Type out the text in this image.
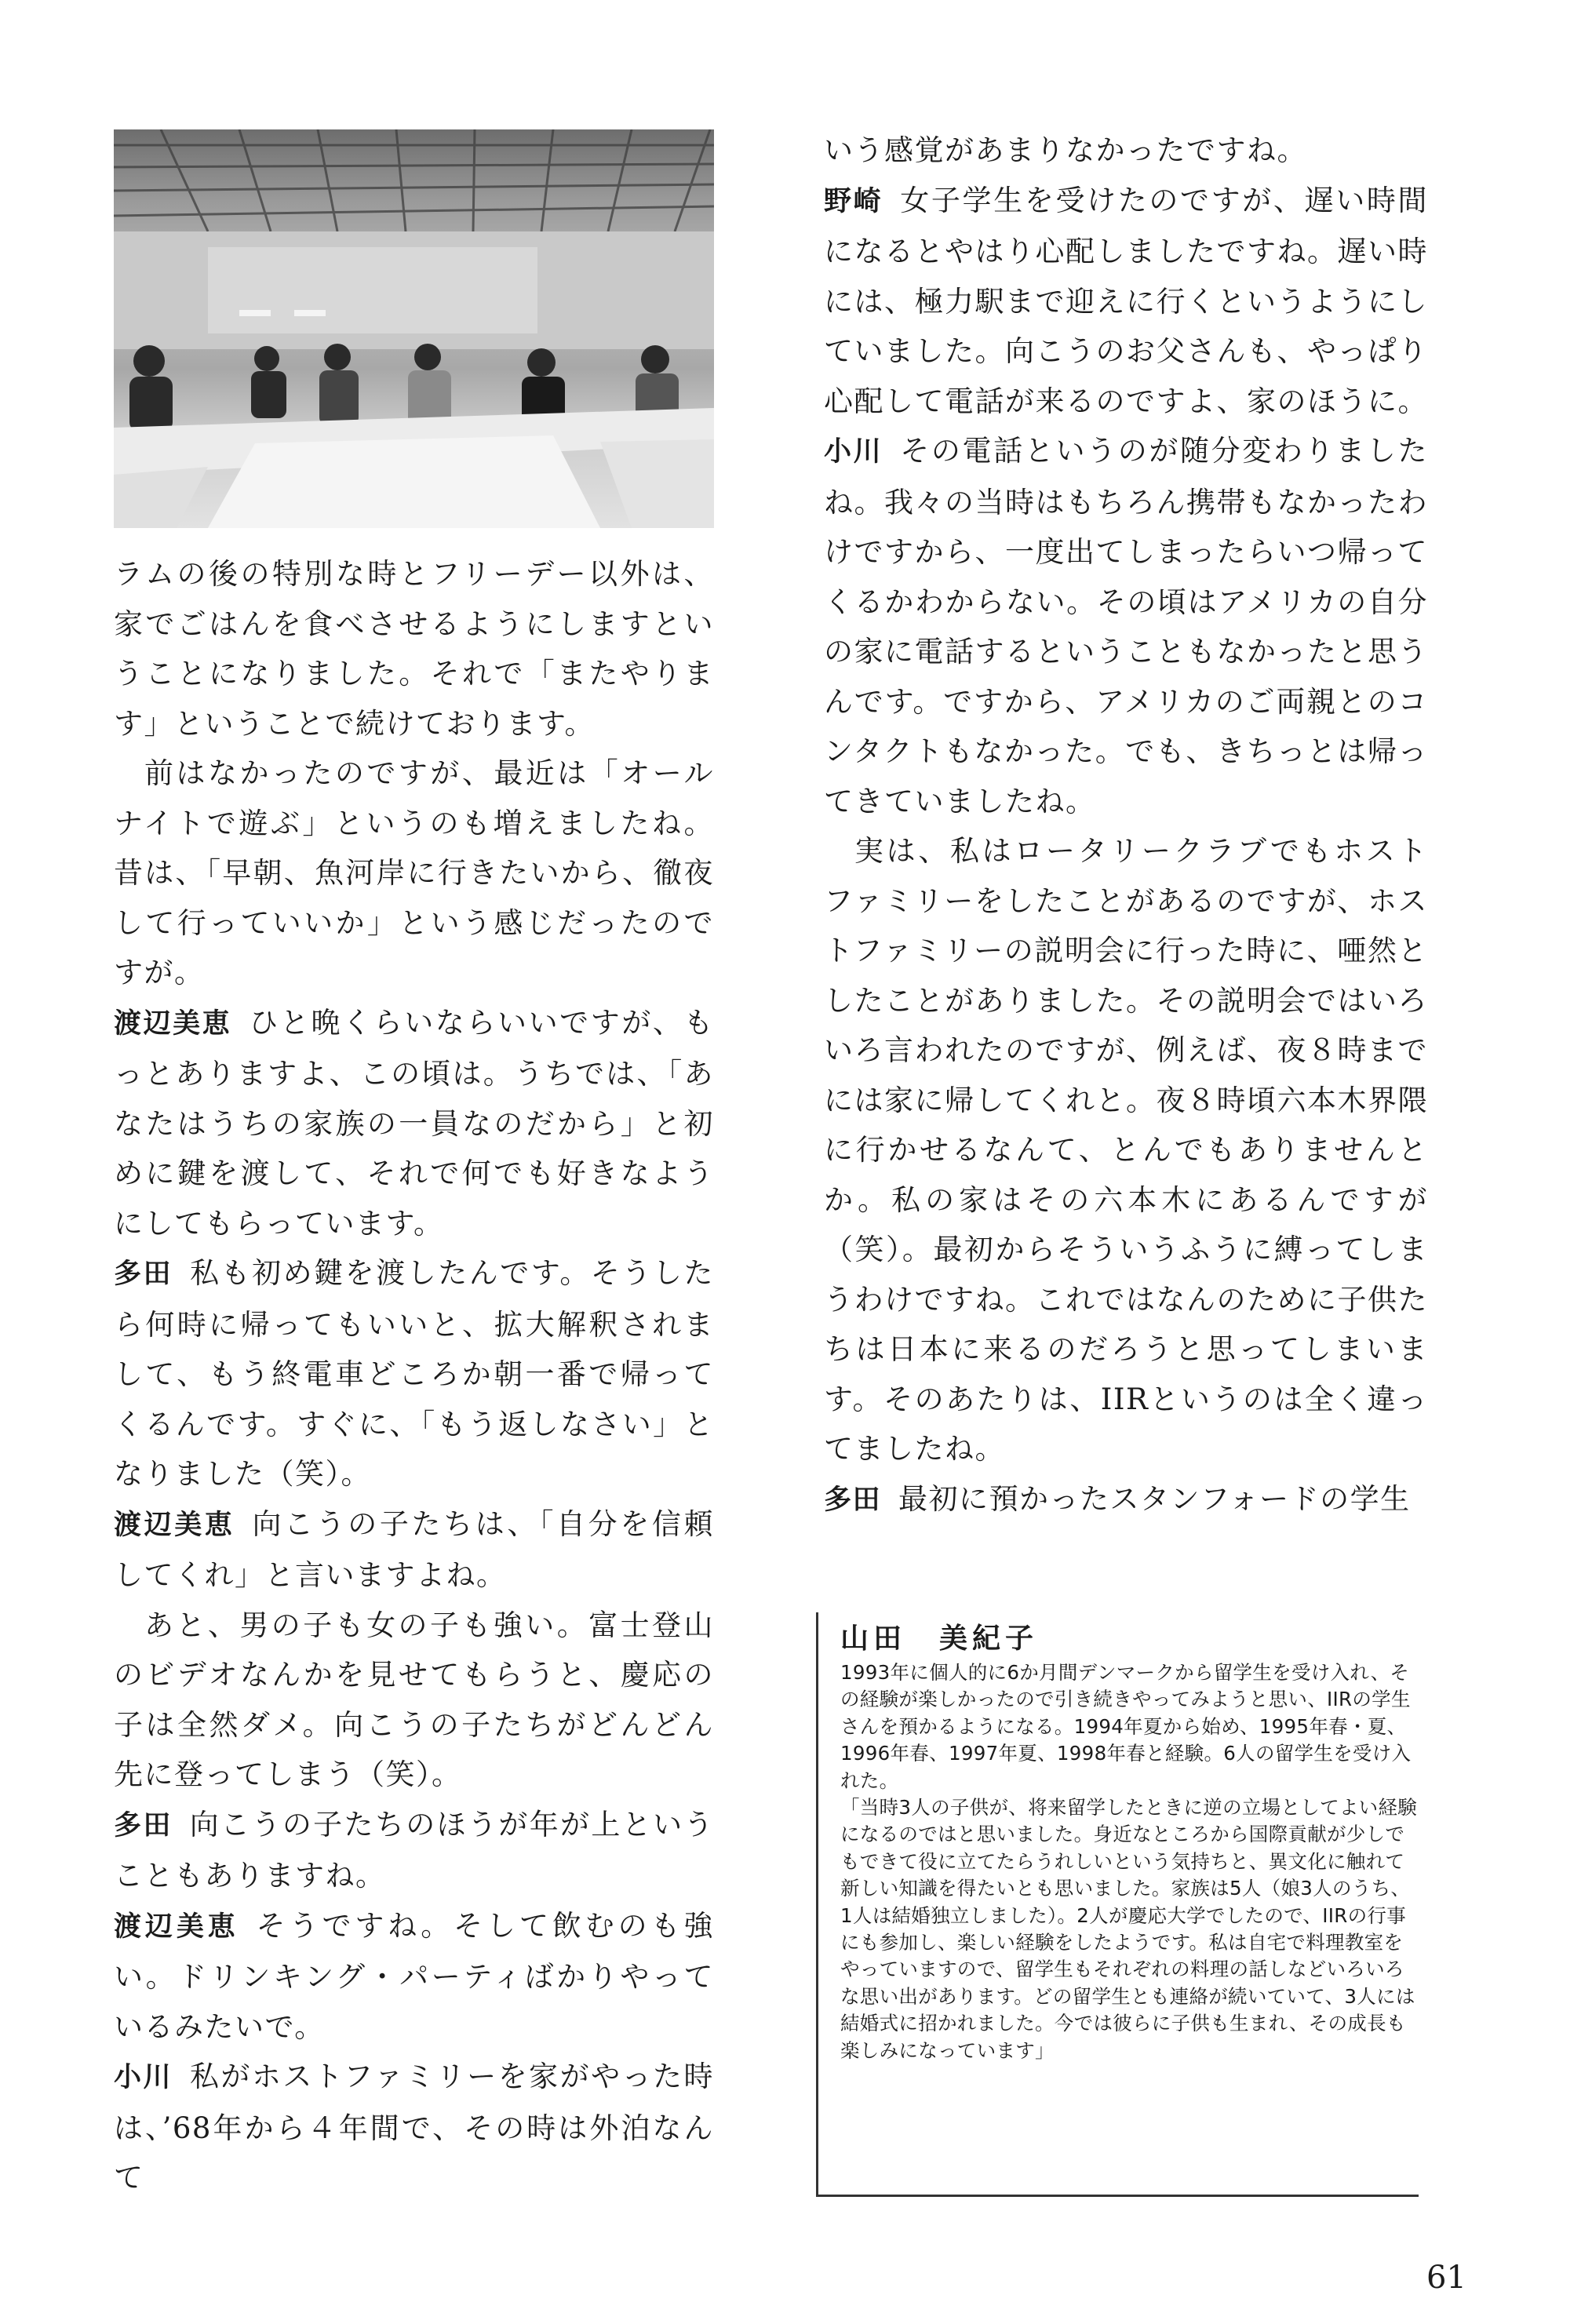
ラムの後の特別な時とフリーデー以外は、家でごはんを食べさせるようにしますということになりました。それで「またやります」ということで続けております。

前はなかったのですが、最近は「オールナイトで遊ぶ」というのも増えましたね。昔は、「早朝、魚河岸に行きたいから、徹夜して行っていいか」という感じだったのですが。

渡辺美恵 ひと晩くらいならいいですが、もっとありますよ、この頃は。うちでは、「あなたはうちの家族の一員なのだから」と初めに鍵を渡して、それで何でも好きなようにしてもらっています。

多田 私も初め鍵を渡したんです。そうしたら何時に帰ってもいいと、拡大解釈されまして、もう終電車どころか朝一番で帰ってくるんです。すぐに、「もう返しなさい」となりました（笑）。

渡辺美恵 向こうの子たちは、「自分を信頼してくれ」と言いますよね。

あと、男の子も女の子も強い。富士登山のビデオなんかを見せてもらうと、慶応の子は全然ダメ。向こうの子たちがどんどん先に登ってしまう（笑）。

多田 向こうの子たちのほうが年が上ということもありますね。

渡辺美恵 そうですね。そして飲むのも強い。ドリンキング・パーティばかりやっているみたいで。

小川 私がホストファミリーを家がやった時は、’68年から４年間で、その時は外泊なんて

いう感覚があまりなかったですね。

野崎 女子学生を受けたのですが、遅い時間になるとやはり心配しましたですね。遅い時には、極力駅まで迎えに行くというようにしていました。向こうのお父さんも、やっぱり心配して電話が来るのですよ、家のほうに。

小川 その電話というのが随分変わりましたね。我々の当時はもちろん携帯もなかったわけですから、一度出てしまったらいつ帰ってくるかわからない。その頃はアメリカの自分の家に電話するということもなかったと思うんです。ですから、アメリカのご両親とのコンタクトもなかった。でも、きちっとは帰ってきていましたね。

実は、私はロータリークラブでもホストファミリーをしたことがあるのですが、ホストファミリーの説明会に行った時に、唖然としたことがありました。その説明会ではいろいろ言われたのですが、例えば、夜８時までには家に帰してくれと。夜８時頃六本木界隈に行かせるなんて、とんでもありませんとか。私の家はその六本木にあるんですが（笑）。最初からそういうふうに縛ってしまうわけですね。これではなんのために子供たちは日本に来るのだろうと思ってしまいます。そのあたりは、IIRというのは全く違ってましたね。

多田 最初に預かったスタンフォードの学生

山田　美紀子

1993年に個人的に6か月間デンマークから留学生を受け入れ、その経験が楽しかったので引き続きやってみようと思い、IIRの学生さんを預かるようになる。1994年夏から始め、1995年春・夏、1996年春、1997年夏、1998年春と経験。6人の留学生を受け入れた。

「当時3人の子供が、将来留学したときに逆の立場としてよい経験になるのではと思いました。身近なところから国際貢献が少しでもできて役に立てたらうれしいという気持ちと、異文化に触れて新しい知識を得たいとも思いました。家族は5人（娘3人のうち、1人は結婚独立しました）。2人が慶応大学でしたので、IIRの行事にも参加し、楽しい経験をしたようです。私は自宅で料理教室をやっていますので、留学生もそれぞれの料理の話しなどいろいろな思い出があります。どの留学生とも連絡が続いていて、3人には結婚式に招かれました。今では彼らに子供も生まれ、その成長も楽しみになっています」

61
